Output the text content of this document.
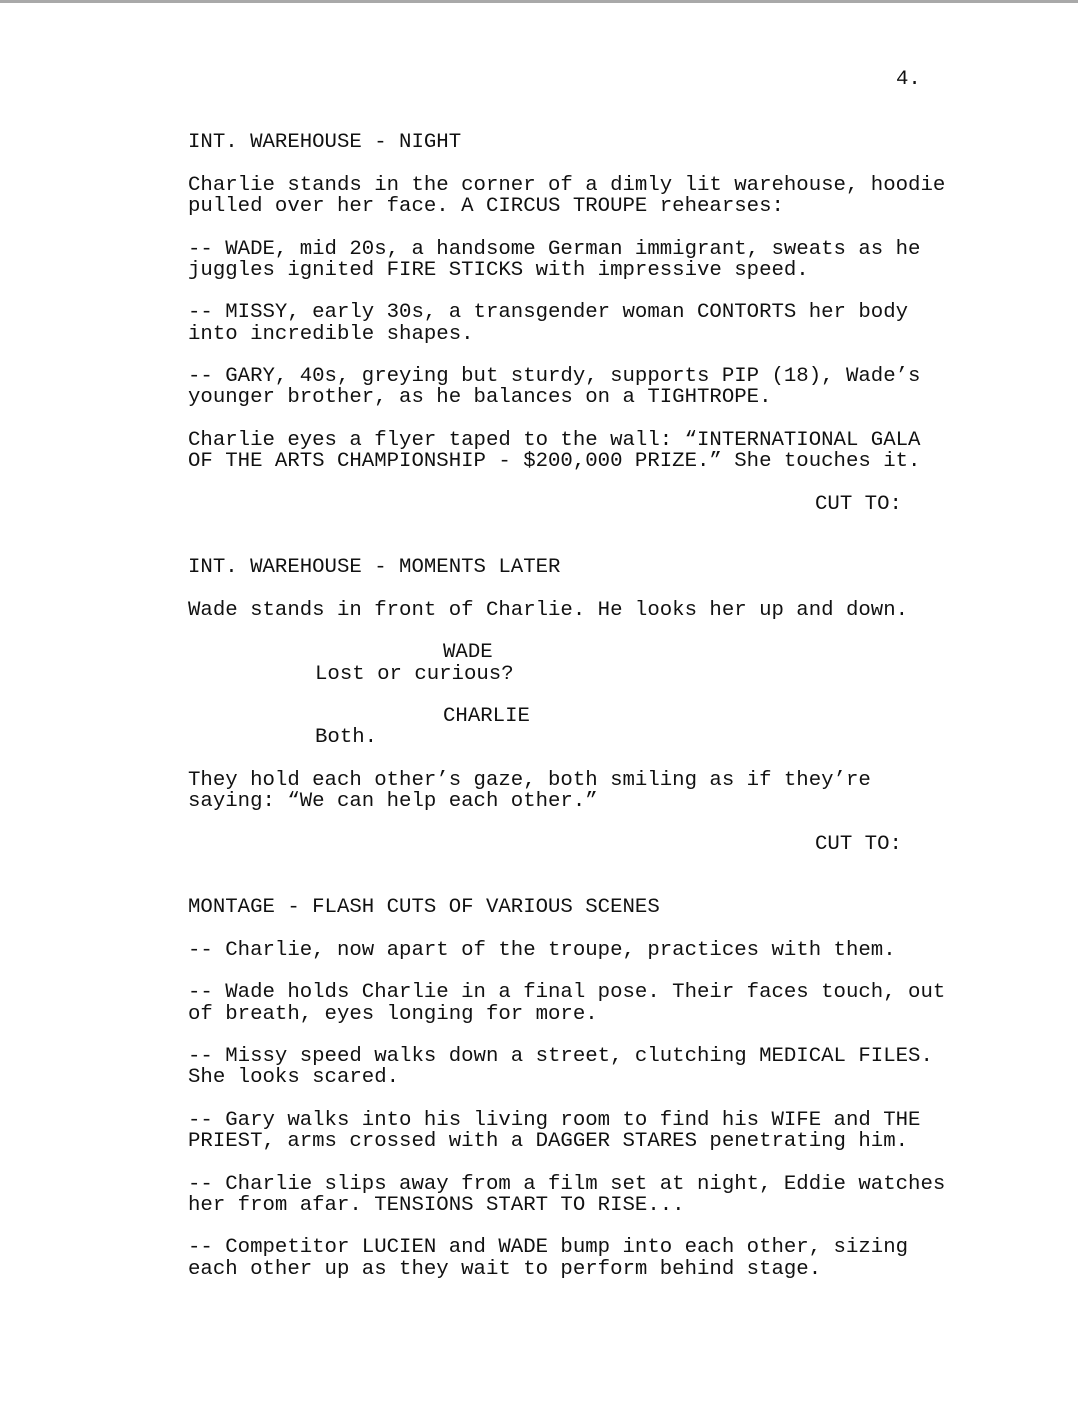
4.
INT. WAREHOUSE - NIGHT
Charlie stands in the corner of a dimly lit warehouse, hoodie
pulled over her face. A CIRCUS TROUPE rehearses:
-- WADE, mid 20s, a handsome German immigrant, sweats as he
juggles ignited FIRE STICKS with impressive speed.
-- MISSY, early 30s, a transgender woman CONTORTS her body
into incredible shapes.
-- GARY, 40s, greying but sturdy, supports PIP (18), Wade’s
younger brother, as he balances on a TIGHTROPE.
Charlie eyes a flyer taped to the wall: “INTERNATIONAL GALA
OF THE ARTS CHAMPIONSHIP - $200,000 PRIZE.” She touches it.
CUT TO:
INT. WAREHOUSE - MOMENTS LATER
Wade stands in front of Charlie. He looks her up and down.
WADE
Lost or curious?
CHARLIE
Both.
They hold each other’s gaze, both smiling as if they’re
saying: “We can help each other.”
CUT TO:
MONTAGE - FLASH CUTS OF VARIOUS SCENES
-- Charlie, now apart of the troupe, practices with them.
-- Wade holds Charlie in a final pose. Their faces touch, out
of breath, eyes longing for more.
-- Missy speed walks down a street, clutching MEDICAL FILES.
She looks scared.
-- Gary walks into his living room to find his WIFE and THE
PRIEST, arms crossed with a DAGGER STARES penetrating him.
-- Charlie slips away from a film set at night, Eddie watches
her from afar. TENSIONS START TO RISE...
-- Competitor LUCIEN and WADE bump into each other, sizing
each other up as they wait to perform behind stage.
